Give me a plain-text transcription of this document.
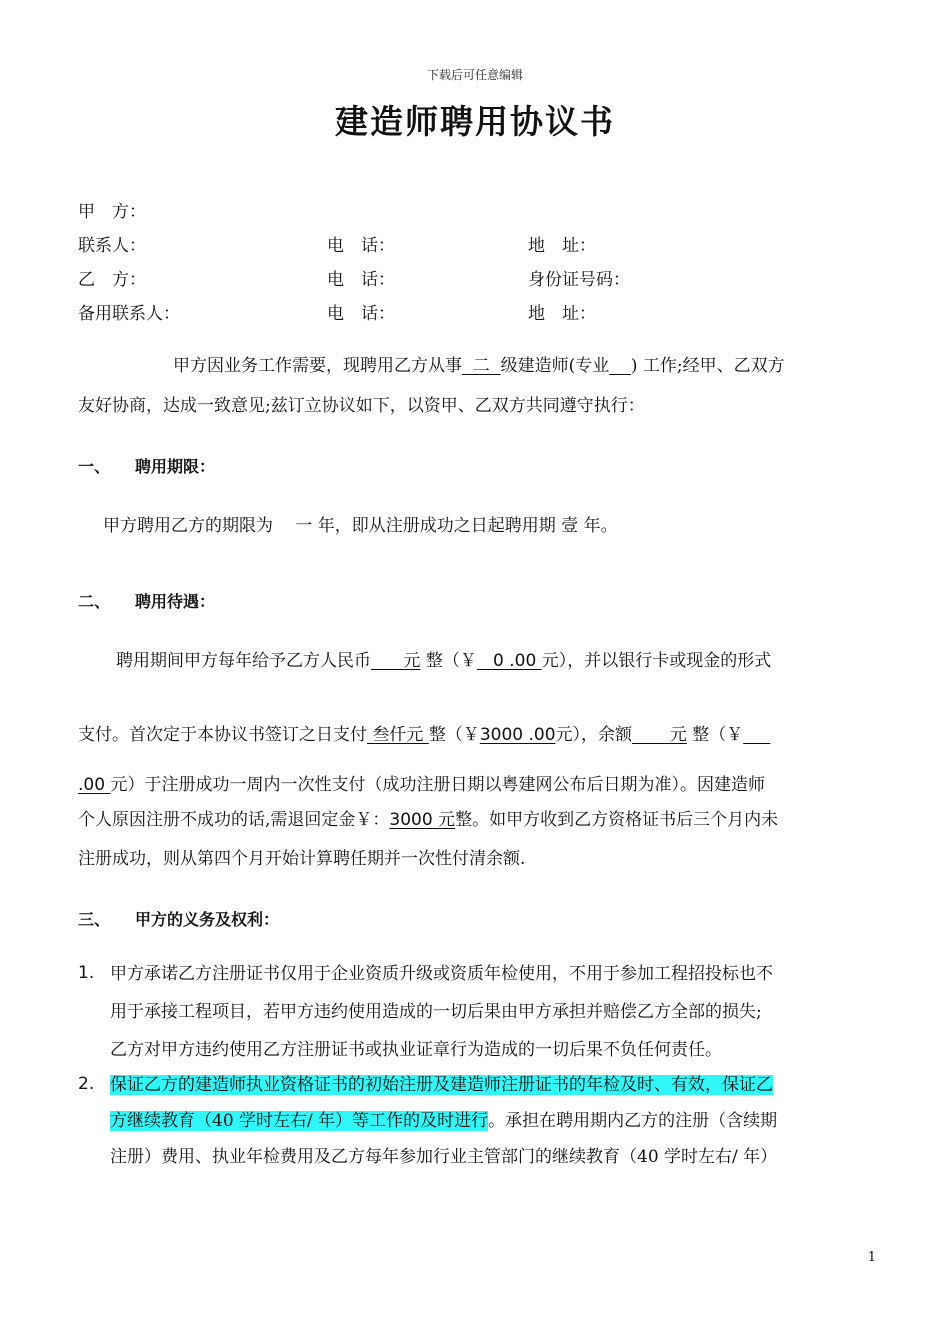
下载后可任意编辑
建造师聘用协议书
甲　方：
联系人：	电　话：	地　址：
乙　方：	电　话：	身份证号码：
备用联系人：	电　话：	地　址：
甲方因业务工作需要，现聘用乙方从事  二  级建造师(专业 ) 工作;经甲、乙双方
友好协商，达成一致意见;兹订立协议如下，以资甲、乙双方共同遵守执行：
一、 聘用期限：
甲方聘用乙方的期限为　 一 年，即从注册成功之日起聘用期 壹 年。
二、 聘用待遇：
聘用期间甲方每年给予乙方人民币      元 整（￥   0 .00 元），并以银行卡或现金的形式
支付。首次定于本协议书签订之日支付 叁仟元 整（￥3000 .00元），余额       元 整（￥
.00 元）于注册成功一周内一次性支付（成功注册日期以粤建网公布后日期为准）。因建造师
个人原因注册不成功的话,需退回定金￥：3000 元整。如甲方收到乙方资格证书后三个月内未
注册成功，则从第四个月开始计算聘任期并一次性付清余额.
三、 甲方的义务及权利：
1. 甲方承诺乙方注册证书仅用于企业资质升级或资质年检使用，不用于参加工程招投标也不
用于承接工程项目，若甲方违约使用造成的一切后果由甲方承担并赔偿乙方全部的损失;
乙方对甲方违约使用乙方注册证书或执业证章行为造成的一切后果不负任何责任。
2. 保证乙方的建造师执业资格证书的初始注册及建造师注册证书的年检及时、有效，保证乙
方继续教育（40 学时左右/ 年）等工作的及时进行。承担在聘用期内乙方的注册（含续期
注册）费用、执业年检费用及乙方每年参加行业主管部门的继续教育（40 学时左右/ 年）
1
